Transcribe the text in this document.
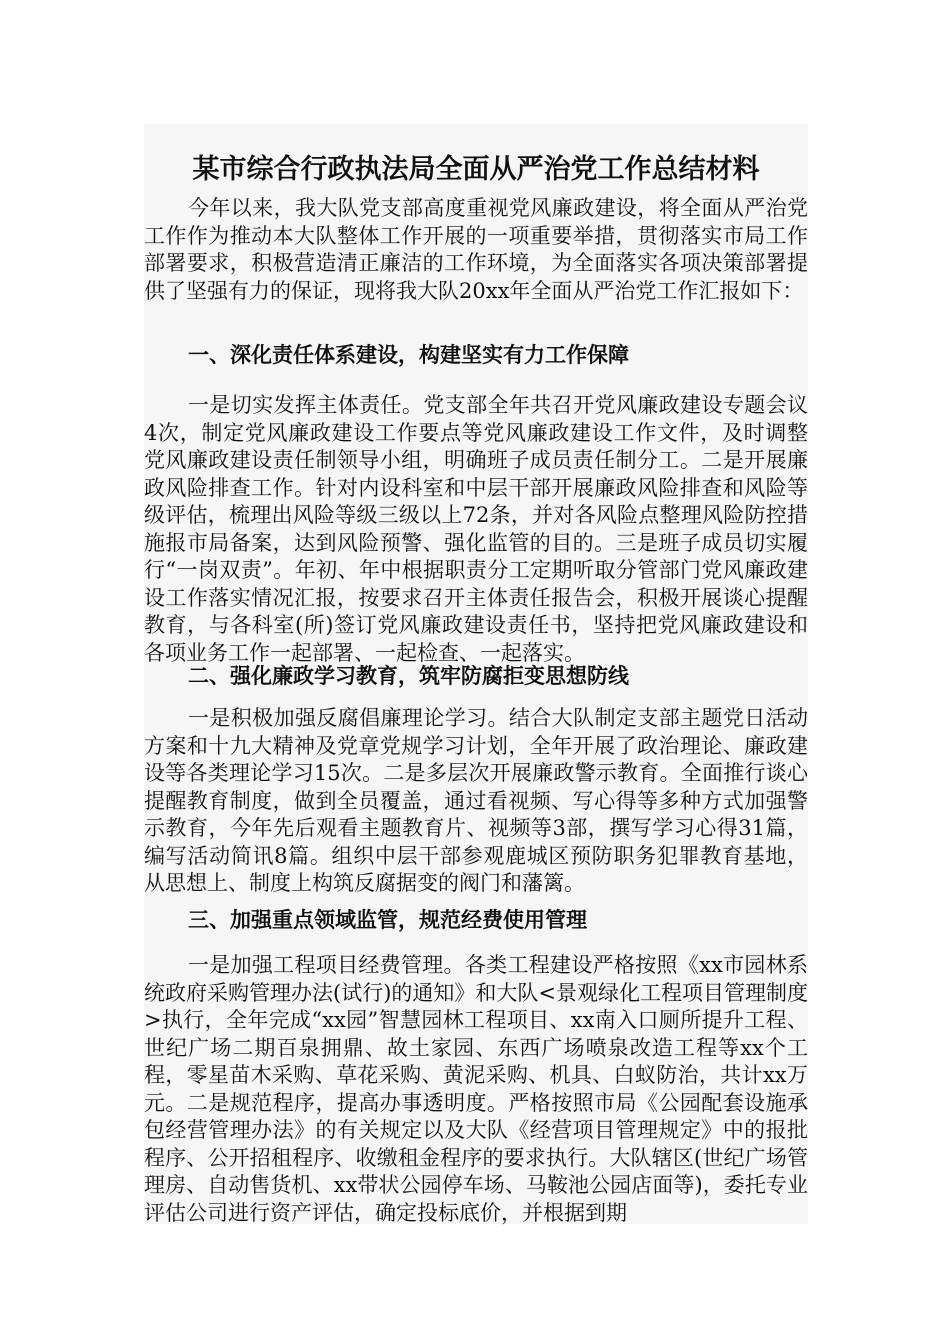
某市综合行政执法局全面从严治党工作总结材料

今年以来，我大队党支部高度重视党风廉政建设，将全面从严治党工作作为推动本大队整体工作开展的一项重要举措，贯彻落实市局工作部署要求，积极营造清正廉洁的工作环境，为全面落实各项决策部署提供了坚强有力的保证，现将我大队20xx年全面从严治党工作汇报如下：

一、深化责任体系建设，构建坚实有力工作保障

一是切实发挥主体责任。党支部全年共召开党风廉政建设专题会议4次，制定党风廉政建设工作要点等党风廉政建设工作文件，及时调整党风廉政建设责任制领导小组，明确班子成员责任制分工。二是开展廉政风险排查工作。针对内设科室和中层干部开展廉政风险排查和风险等级评估，梳理出风险等级三级以上72条，并对各风险点整理风险防控措施报市局备案，达到风险预警、强化监管的目的。三是班子成员切实履行“一岗双责”。年初、年中根据职责分工定期听取分管部门党风廉政建设工作落实情况汇报，按要求召开主体责任报告会，积极开展谈心提醒教育，与各科室(所)签订党风廉政建设责任书，坚持把党风廉政建设和各项业务工作一起部署、一起检查、一起落实。

二、强化廉政学习教育，筑牢防腐拒变思想防线

一是积极加强反腐倡廉理论学习。结合大队制定支部主题党日活动方案和十九大精神及党章党规学习计划，全年开展了政治理论、廉政建设等各类理论学习15次。二是多层次开展廉政警示教育。全面推行谈心提醒教育制度，做到全员覆盖，通过看视频、写心得等多种方式加强警示教育，今年先后观看主题教育片、视频等3部，撰写学习心得31篇，编写活动简讯8篇。组织中层干部参观鹿城区预防职务犯罪教育基地，从思想上、制度上构筑反腐据变的阀门和藩篱。

三、加强重点领域监管，规范经费使用管理

一是加强工程项目经费管理。各类工程建设严格按照《xx市园林系统政府采购管理办法(试行)的通知》和大队<景观绿化工程项目管理制度>执行，全年完成“xx园”智慧园林工程项目、xx南入口厕所提升工程、世纪广场二期百泉拥鼎、故土家园、东西广场喷泉改造工程等xx个工程，零星苗木采购、草花采购、黄泥采购、机具、白蚁防治，共计xx万元。二是规范程序，提高办事透明度。严格按照市局《公园配套设施承包经营管理办法》的有关规定以及大队《经营项目管理规定》中的报批程序、公开招租程序、收缴租金程序的要求执行。大队辖区(世纪广场管理房、自动售货机、xx带状公园停车场、马鞍池公园店面等)，委托专业评估公司进行资产评估，确定投标底价，并根据到期
